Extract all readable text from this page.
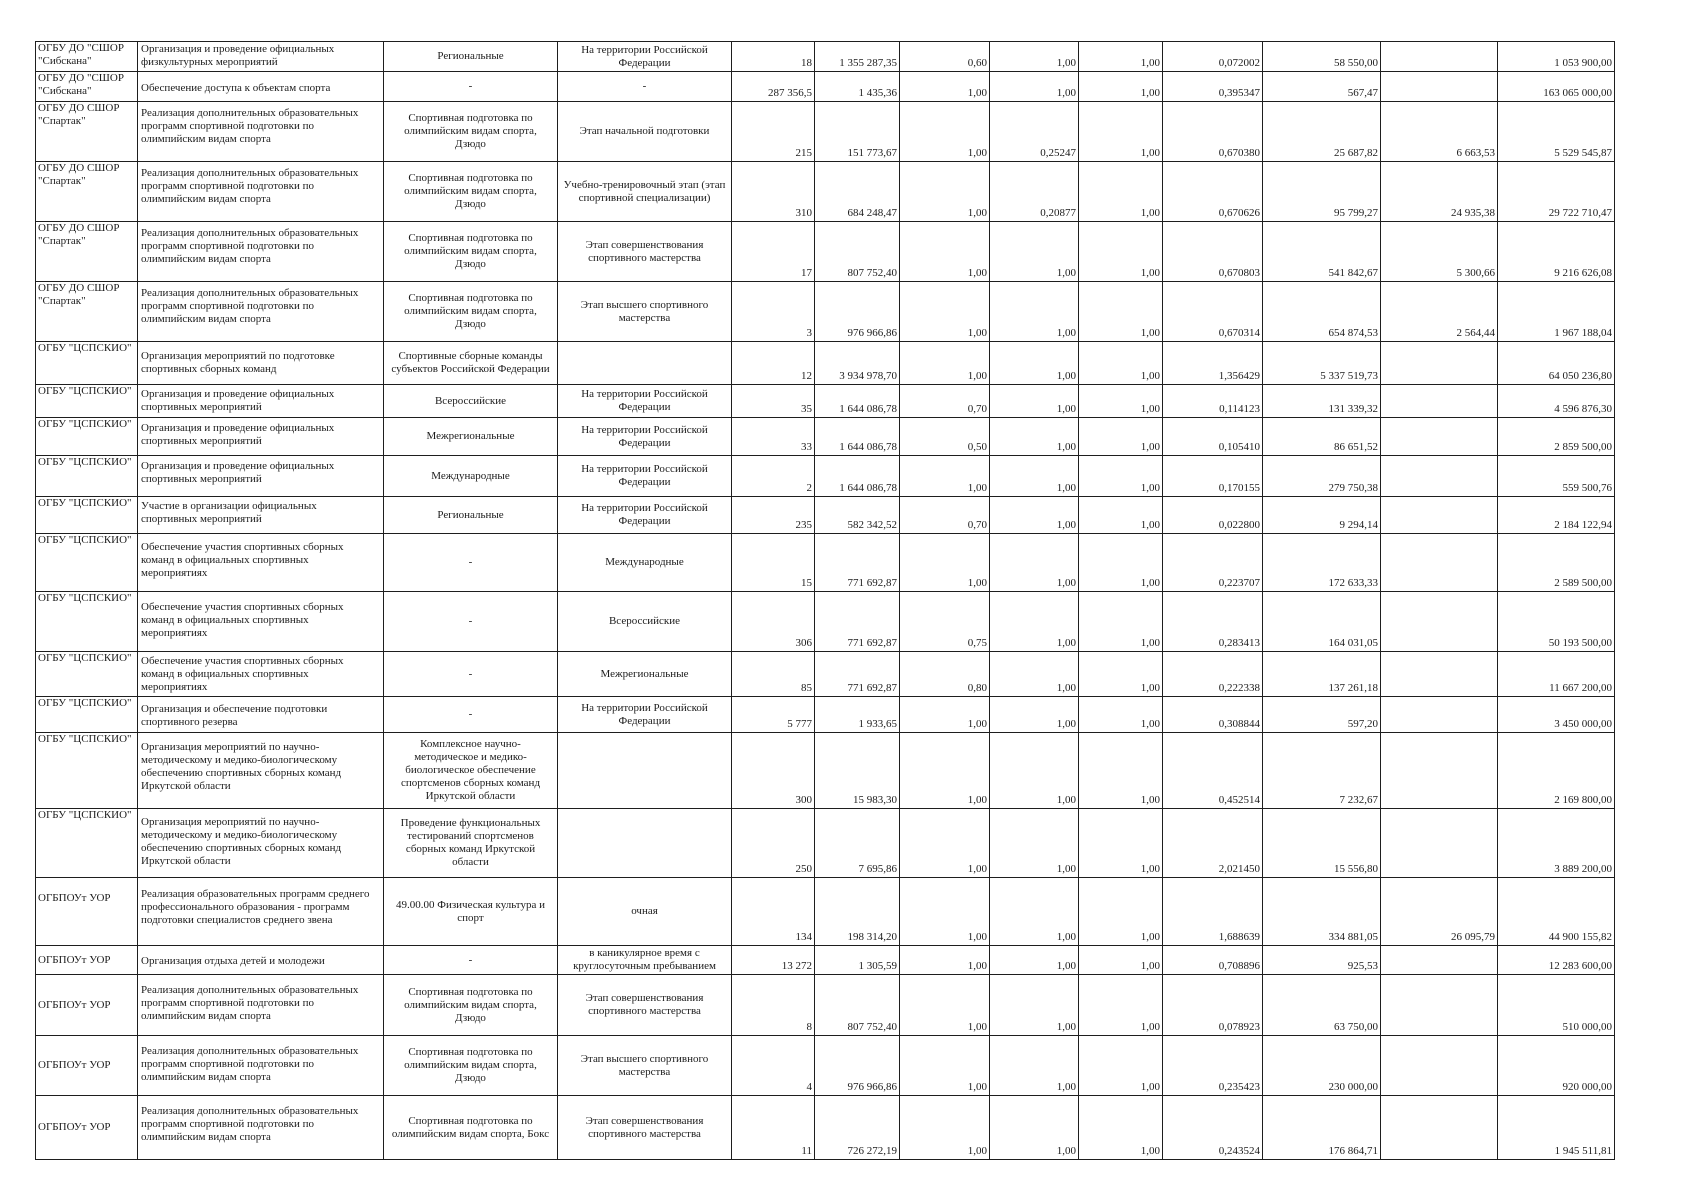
ОГБУ ДО "СШОР "Сибскана"	Организация и проведение официальных
физкультурных мероприятий	Региональные	На территории Российской
Федерации	18	1 355 287,35	0,60	1,00	1,00	0,072002	58 550,00		1 053 900,00
ОГБУ ДО "СШОР "Сибскана"	Обеспечение доступа к объектам спорта	-	-	287 356,5	1 435,36	1,00	1,00	1,00	0,395347	567,47		163 065 000,00
ОГБУ ДО СШОР "Спартак"	Реализация дополнительных образовательных
программ спортивной подготовки по
олимпийским видам спорта	Спортивная подготовка по
олимпийским видам спорта,
Дзюдо	Этап начальной подготовки	215	151 773,67	1,00	0,25247	1,00	0,670380	25 687,82	6 663,53	5 529 545,87
ОГБУ ДО СШОР "Спартак"	Реализация дополнительных образовательных
программ спортивной подготовки по
олимпийским видам спорта	Спортивная подготовка по
олимпийским видам спорта,
Дзюдо	Учебно-тренировочный этап (этап
спортивной специализации)	310	684 248,47	1,00	0,20877	1,00	0,670626	95 799,27	24 935,38	29 722 710,47
ОГБУ ДО СШОР "Спартак"	Реализация дополнительных образовательных
программ спортивной подготовки по
олимпийским видам спорта	Спортивная подготовка по
олимпийским видам спорта,
Дзюдо	Этап совершенствования
спортивного мастерства	17	807 752,40	1,00	1,00	1,00	0,670803	541 842,67	5 300,66	9 216 626,08
ОГБУ ДО СШОР "Спартак"	Реализация дополнительных образовательных
программ спортивной подготовки по
олимпийским видам спорта	Спортивная подготовка по
олимпийским видам спорта,
Дзюдо	Этап высшего спортивного
мастерства	3	976 966,86	1,00	1,00	1,00	0,670314	654 874,53	2 564,44	1 967 188,04
ОГБУ "ЦСПСКИО"	Организация мероприятий по подготовке
спортивных сборных команд	Спортивные сборные команды
субъектов Российской Федерации		12	3 934 978,70	1,00	1,00	1,00	1,356429	5 337 519,73		64 050 236,80
ОГБУ "ЦСПСКИО"	Организация и проведение официальных
спортивных мероприятий	Всероссийские	На территории Российской
Федерации	35	1 644 086,78	0,70	1,00	1,00	0,114123	131 339,32		4 596 876,30
ОГБУ "ЦСПСКИО"	Организация и проведение официальных
спортивных мероприятий	Межрегиональные	На территории Российской
Федерации	33	1 644 086,78	0,50	1,00	1,00	0,105410	86 651,52		2 859 500,00
ОГБУ "ЦСПСКИО"	Организация и проведение официальных
спортивных мероприятий	Международные	На территории Российской
Федерации	2	1 644 086,78	1,00	1,00	1,00	0,170155	279 750,38		559 500,76
ОГБУ "ЦСПСКИО"	Участие в организации официальных
спортивных мероприятий	Региональные	На территории Российской
Федерации	235	582 342,52	0,70	1,00	1,00	0,022800	9 294,14		2 184 122,94
ОГБУ "ЦСПСКИО"	Обеспечение участия спортивных сборных
команд в официальных спортивных
мероприятиях	-	Международные	15	771 692,87	1,00	1,00	1,00	0,223707	172 633,33		2 589 500,00
ОГБУ "ЦСПСКИО"	Обеспечение участия спортивных сборных
команд в официальных спортивных
мероприятиях	-	Всероссийские	306	771 692,87	0,75	1,00	1,00	0,283413	164 031,05		50 193 500,00
ОГБУ "ЦСПСКИО"	Обеспечение участия спортивных сборных
команд в официальных спортивных
мероприятиях	-	Межрегиональные	85	771 692,87	0,80	1,00	1,00	0,222338	137 261,18		11 667 200,00
ОГБУ "ЦСПСКИО"	Организация и обеспечение подготовки
спортивного резерва	-	На территории Российской
Федерации	5 777	1 933,65	1,00	1,00	1,00	0,308844	597,20		3 450 000,00
ОГБУ "ЦСПСКИО"	Организация мероприятий по научно-
методическому и медико-биологическому
обеспечению спортивных сборных команд
Иркутской области	Комплексное научно-
методическое и медико-
биологическое обеспечение
спортсменов сборных команд
Иркутской области		300	15 983,30	1,00	1,00	1,00	0,452514	7 232,67		2 169 800,00
ОГБУ "ЦСПСКИО"	Организация мероприятий по научно-
методическому и медико-биологическому
обеспечению спортивных сборных команд
Иркутской области	Проведение функциональных
тестирований спортсменов
сборных команд Иркутской
области		250	7 695,86	1,00	1,00	1,00	2,021450	15 556,80		3 889 200,00
ОГБПОУт УОР	Реализация образовательных программ среднего
профессионального образования - программ
подготовки специалистов среднего звена	49.00.00 Физическая культура и
спорт	очная	134	198 314,20	1,00	1,00	1,00	1,688639	334 881,05	26 095,79	44 900 155,82
ОГБПОУт УОР	Организация отдыха детей и молодежи	-	в каникулярное время с
круглосуточным пребыванием	13 272	1 305,59	1,00	1,00	1,00	0,708896	925,53		12 283 600,00
ОГБПОУт УОР	Реализация дополнительных образовательных
программ спортивной подготовки по
олимпийским видам спорта	Спортивная подготовка по
олимпийским видам спорта,
Дзюдо	Этап совершенствования
спортивного мастерства	8	807 752,40	1,00	1,00	1,00	0,078923	63 750,00		510 000,00
ОГБПОУт УОР	Реализация дополнительных образовательных
программ спортивной подготовки по
олимпийским видам спорта	Спортивная подготовка по
олимпийским видам спорта,
Дзюдо	Этап высшего спортивного
мастерства	4	976 966,86	1,00	1,00	1,00	0,235423	230 000,00		920 000,00
ОГБПОУт УОР	Реализация дополнительных образовательных
программ спортивной подготовки по
олимпийским видам спорта	Спортивная подготовка по
олимпийским видам спорта, Бокс	Этап совершенствования
спортивного мастерства	11	726 272,19	1,00	1,00	1,00	0,243524	176 864,71		1 945 511,81
